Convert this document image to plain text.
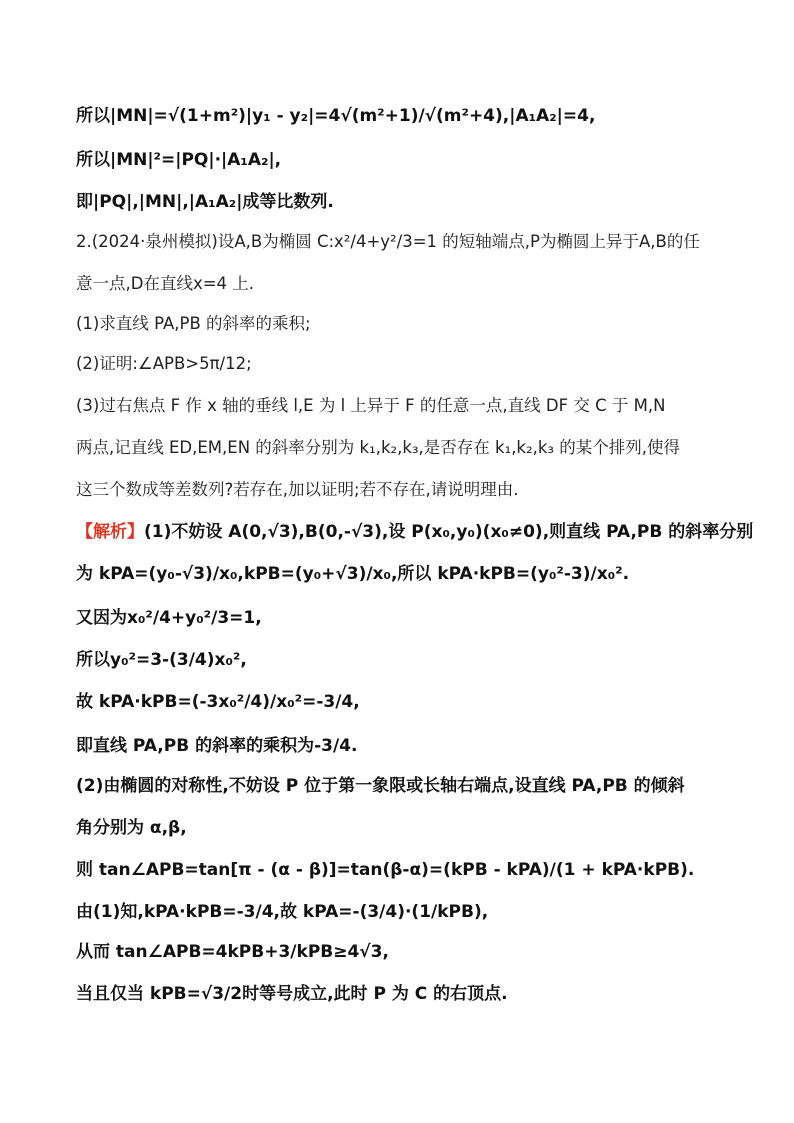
所以|MN|=√(1+m²)|y₁ - y₂|=4√(m²+1)/√(m²+4),|A₁A₂|=4,
所以|MN|²=|PQ|·|A₁A₂|,
即|PQ|,|MN|,|A₁A₂|成等比数列.
2.(2024·泉州模拟)设A,B为椭圆 C:x²/4+y²/3=1 的短轴端点,P为椭圆上异于A,B的任
意一点,D在直线x=4 上.
(1)求直线 PA,PB 的斜率的乘积;
(2)证明:∠APB>5π/12;
(3)过右焦点 F 作 x 轴的垂线 l,E 为 l 上异于 F 的任意一点,直线 DF 交 C 于 M,N
两点,记直线 ED,EM,EN 的斜率分别为 k₁,k₂,k₃,是否存在 k₁,k₂,k₃ 的某个排列,使得
这三个数成等差数列?若存在,加以证明;若不存在,请说明理由.
【解析】(1)不妨设 A(0,√3),B(0,-√3),设 P(x₀,y₀)(x₀≠0),则直线 PA,PB 的斜率分别
为 kPA=(y₀-√3)/x₀,kPB=(y₀+√3)/x₀,所以 kPA·kPB=(y₀²-3)/x₀².
又因为x₀²/4+y₀²/3=1,
所以y₀²=3-(3/4)x₀²,
故 kPA·kPB=(-3x₀²/4)/x₀²=-3/4,
即直线 PA,PB 的斜率的乘积为-3/4.
(2)由椭圆的对称性,不妨设 P 位于第一象限或长轴右端点,设直线 PA,PB 的倾斜
角分别为 α,β,
则 tan∠APB=tan[π - (α - β)]=tan(β-α)=(kPB - kPA)/(1 + kPA·kPB).
由(1)知,kPA·kPB=-3/4,故 kPA=-(3/4)·(1/kPB),
从而 tan∠APB=4kPB+3/kPB≥4√3,
当且仅当 kPB=√3/2时等号成立,此时 P 为 C 的右顶点.
